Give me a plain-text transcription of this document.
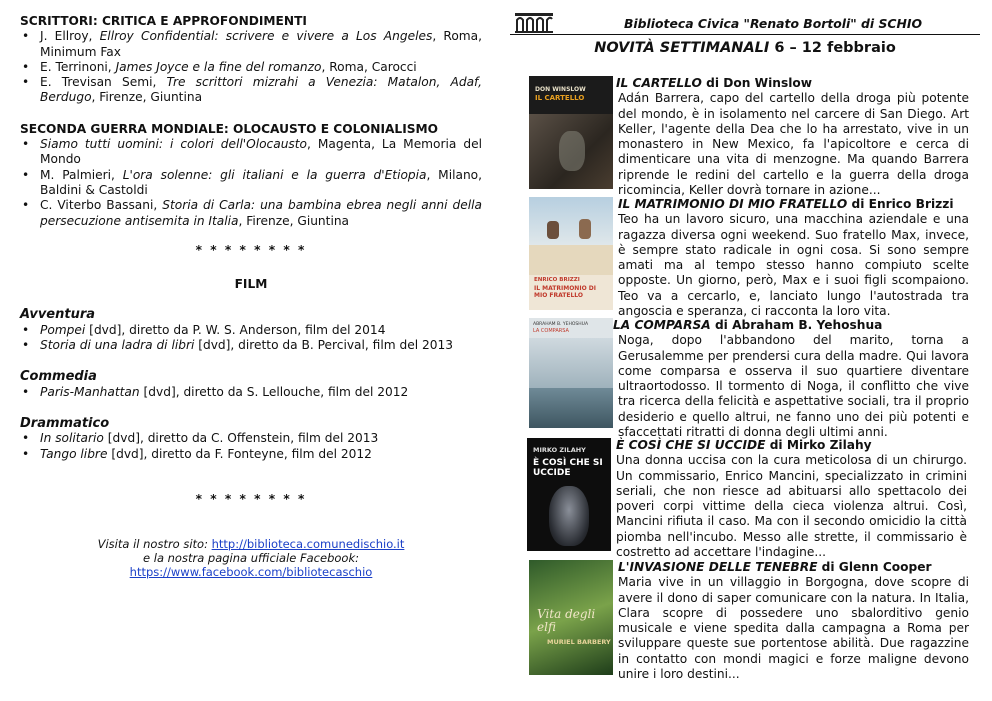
SCRITTORI: CRITICA E APPROFONDIMENTI
• J. Ellroy, Ellroy Confidential: scrivere e vivere a Los Angeles, Roma, Minimum Fax
• E. Terrinoni, James Joyce e la fine del romanzo, Roma, Carocci
• E. Trevisan Semi, Tre scrittori mizrahi a Venezia: Matalon, Adaf, Berdugo, Firenze, Giuntina
SECONDA GUERRA MONDIALE: OLOCAUSTO E COLONIALISMO
• Siamo tutti uomini: i colori dell'Olocausto, Magenta, La Memoria del Mondo
• M. Palmieri, L'ora solenne: gli italiani e la guerra d'Etiopia, Milano, Baldini & Castoldi
• C. Viterbo Bassani, Storia di Carla: una bambina ebrea negli anni della persecuzione antisemita in Italia, Firenze, Giuntina
* * * * * * * *
FILM
Avventura
• Pompei [dvd], diretto da P. W. S. Anderson, film del 2014
• Storia di una ladra di libri [dvd], diretto da B. Percival, film del 2013
Commedia
• Paris-Manhattan [dvd], diretto da S. Lellouche, film del 2012
Drammatico
• In solitario [dvd], diretto da C. Offenstein, film del 2013
• Tango libre [dvd], diretto da F. Fonteyne, film del 2012
* * * * * * * *
Visita il nostro sito: http://biblioteca.comunedischio.it
e la nostra pagina ufficiale Facebook:
https://www.facebook.com/bibliotecaschio
Biblioteca Civica "Renato Bortoli" di SCHIO
NOVITÀ SETTIMANALI 6 – 12 febbraio
DON WINSLOW
IL CARTELLO
IL CARTELLO di Don Winslow
Adán Barrera, capo del cartello della droga più potente del mondo, è in isolamento nel carcere di San Diego. Art Keller, l'agente della Dea che lo ha arrestato, vive in un monastero in New Mexico, fa l'apicoltore e cerca di dimenticare una vita di menzogne. Ma quando Barrera riprende le redini del cartello e la guerra della droga ricomincia, Keller dovrà tornare in azione...
ENRICO BRIZZI
IL MATRIMONIO DI MIO FRATELLO
IL MATRIMONIO DI MIO FRATELLO di Enrico Brizzi
Teo ha un lavoro sicuro, una macchina aziendale e una ragazza diversa ogni weekend. Suo fratello Max, invece, è sempre stato radicale in ogni cosa. Si sono sempre amati ma al tempo stesso hanno compiuto scelte opposte. Un giorno, però, Max e i suoi figli scompaiono. Teo va a cercarlo, e, lanciato lungo l'autostrada tra angoscia e speranza, ci racconta la loro vita.
ABRAHAM B. YEHOSHUA
LA COMPARSA	LA COMPARSA di Abraham B. Yehoshua
Noga, dopo l'abbandono del marito, torna a Gerusalemme per prendersi cura della madre. Qui lavora come comparsa e osserva il suo quartiere diventare ultraortodosso. Il tormento di Noga, il conflitto che vive tra ricerca della felicità e aspettative sociali, tra il proprio desiderio e quello altrui, ne fanno uno dei più potenti e sfaccettati ritratti di donna degli ultimi anni.
MIRKO ZILAHY
È COSÌ CHE SI UCCIDE
È COSÌ CHE SI UCCIDE di Mirko Zilahy
Una donna uccisa con la cura meticolosa di un chirurgo. Un commissario, Enrico Mancini, specializzato in crimini seriali, che non riesce ad abituarsi allo spettacolo dei poveri corpi vittime della cieca violenza altrui. Così, Mancini rifiuta il caso. Ma con il secondo omicidio la città piomba nell'incubo. Messo alle strette, il commissario è costretto ad accettare l'indagine...
Vita degli elfi
MURIEL BARBERY
L'INVASIONE DELLE TENEBRE di Glenn Cooper
Maria vive in un villaggio in Borgogna, dove scopre di avere il dono di saper comunicare con la natura. In Italia, Clara scopre di possedere uno sbalorditivo genio musicale e viene spedita dalla campagna a Roma per sviluppare queste sue portentose abilità. Due ragazzine in contatto con mondi magici e forze maligne devono unire i loro destini...
